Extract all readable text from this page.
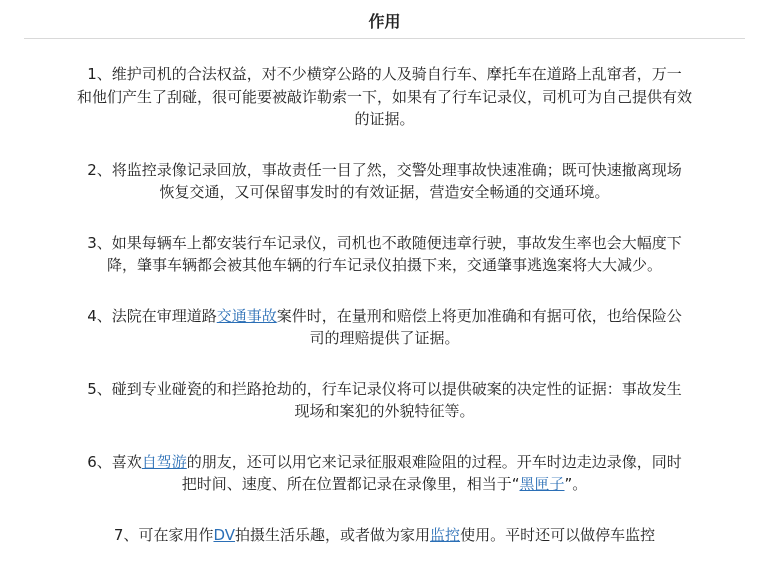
作用

1、维护司机的合法权益，对不少横穿公路的人及骑自行车、摩托车在道路上乱窜者，万一
和他们产生了刮碰，很可能要被敲诈勒索一下，如果有了行车记录仪，司机可为自己提供有效
的证据。

2、将监控录像记录回放，事故责任一目了然，交警处理事故快速准确；既可快速撤离现场
恢复交通，又可保留事发时的有效证据，营造安全畅通的交通环境。

3、如果每辆车上都安装行车记录仪，司机也不敢随便违章行驶，事故发生率也会大幅度下
降，肇事车辆都会被其他车辆的行车记录仪拍摄下来，交通肇事逃逸案将大大减少。

4、法院在审理道路交通事故案件时，在量刑和赔偿上将更加准确和有据可依，也给保险公
司的理赔提供了证据。

5、碰到专业碰瓷的和拦路抢劫的，行车记录仪将可以提供破案的决定性的证据：事故发生
现场和案犯的外貌特征等。

6、喜欢自驾游的朋友，还可以用它来记录征服艰难险阻的过程。开车时边走边录像，同时
把时间、速度、所在位置都记录在录像里，相当于“黑匣子”。

7、可在家用作DV拍摄生活乐趣，或者做为家用监控使用。平时还可以做停车监控
